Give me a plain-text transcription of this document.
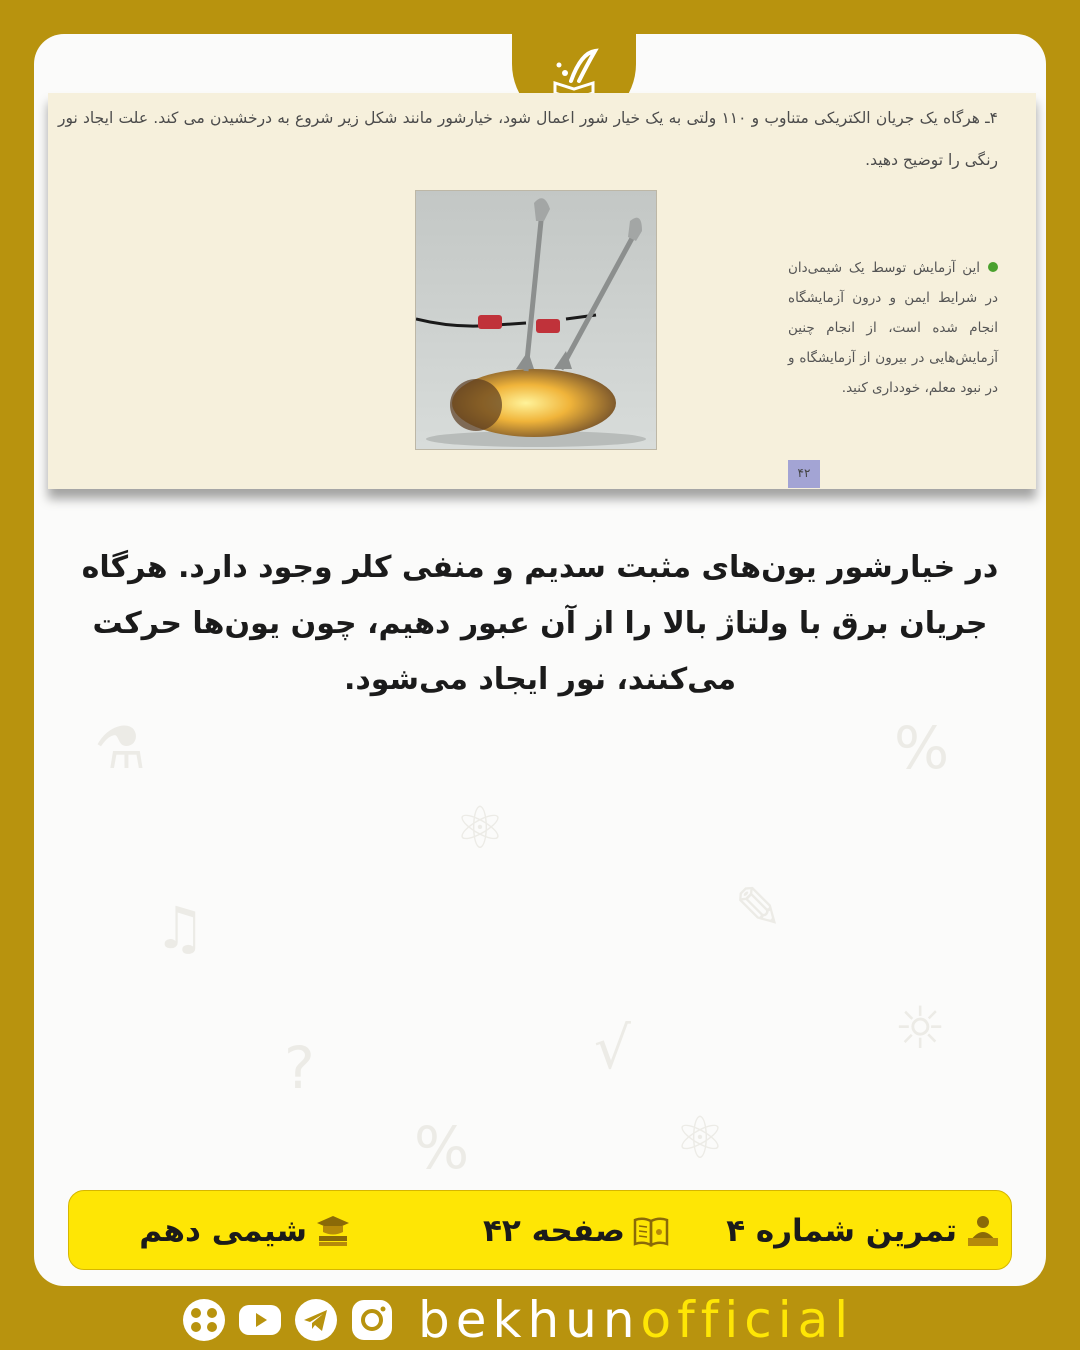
%
♫
⚛
✎
?	√	☼
⚗
⚛
%
۴ـ هرگاه یک جریان الکتریکی متناوب و ۱۱۰ ولتی به یک خیار شور اعمال شود، خیارشور مانند شکل زیر شروع به درخشیدن می کند. علت ایجاد نور رنگی را توضیح دهید.
این آزمایش توسط یک شیمی‌دان در شرایط ایمن و درون آزمایشگاه انجام شده است، از انجام چنین آزمایش‌هایی در بیرون از آزمایشگاه و در نبود معلم، خودداری کنید.
۴۲
در خیارشور یون‌های مثبت سدیم و منفی کلر وجود دارد. هرگاه جریان برق با ولتاژ بالا را از آن عبور دهیم، چون یون‌ها حرکت می‌کنند، نور ایجاد می‌شود.
تمرین شماره ۴
صفحه ۴۲
شیمی دهم
bekhunofficial
